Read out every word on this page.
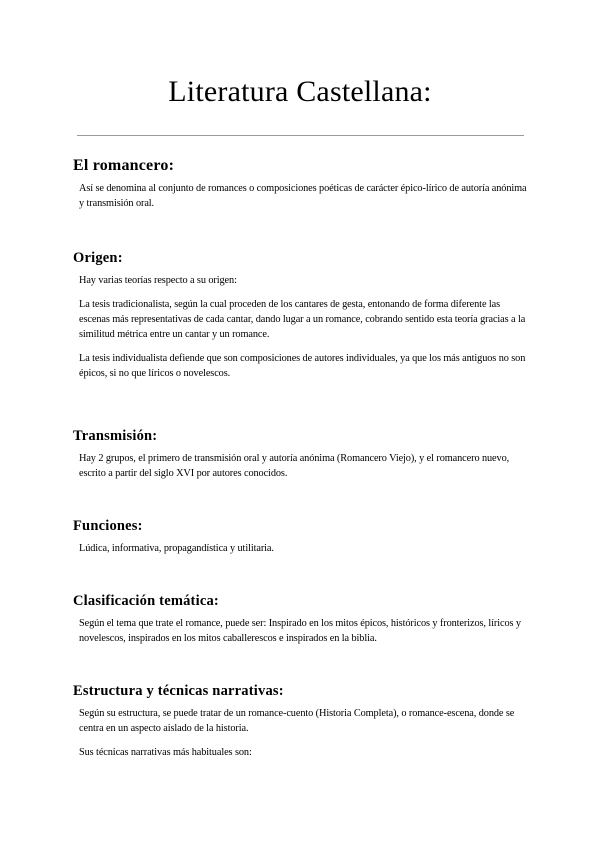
Literatura Castellana:
El romancero:

Así se denomina al conjunto de romances o composiciones poéticas de carácter épico-lírico de autoría anónima y transmisión oral.

Origen:

Hay varias teorías respecto a su origen:

La tesis tradicionalista, según la cual proceden de los cantares de gesta, entonando de forma diferente las escenas más representativas de cada cantar, dando lugar a un romance, cobrando sentido esta teoría gracias a la similitud métrica entre un cantar y un romance.

La tesis individualista defiende que son composiciones de autores individuales, ya que los más antiguos no son épicos, si no que líricos o novelescos.

Transmisión:

Hay 2 grupos, el primero de transmisión oral y autoría anónima (Romancero Viejo), y el romancero nuevo, escrito a partir del siglo XVI por autores conocidos.

Funciones:

Lúdica, informativa, propagandística y utilitaria.

Clasificación temática:

Según el tema que trate el romance, puede ser: Inspirado en los mitos épicos, históricos y fronterizos, líricos y novelescos, inspirados en los mitos caballerescos e inspirados en la biblia.

Estructura y técnicas narrativas:

Según su estructura, se puede tratar de un romance-cuento (Historia Completa), o romance-escena, donde se centra en un aspecto aislado de la historia.

Sus técnicas narrativas más habituales son:
